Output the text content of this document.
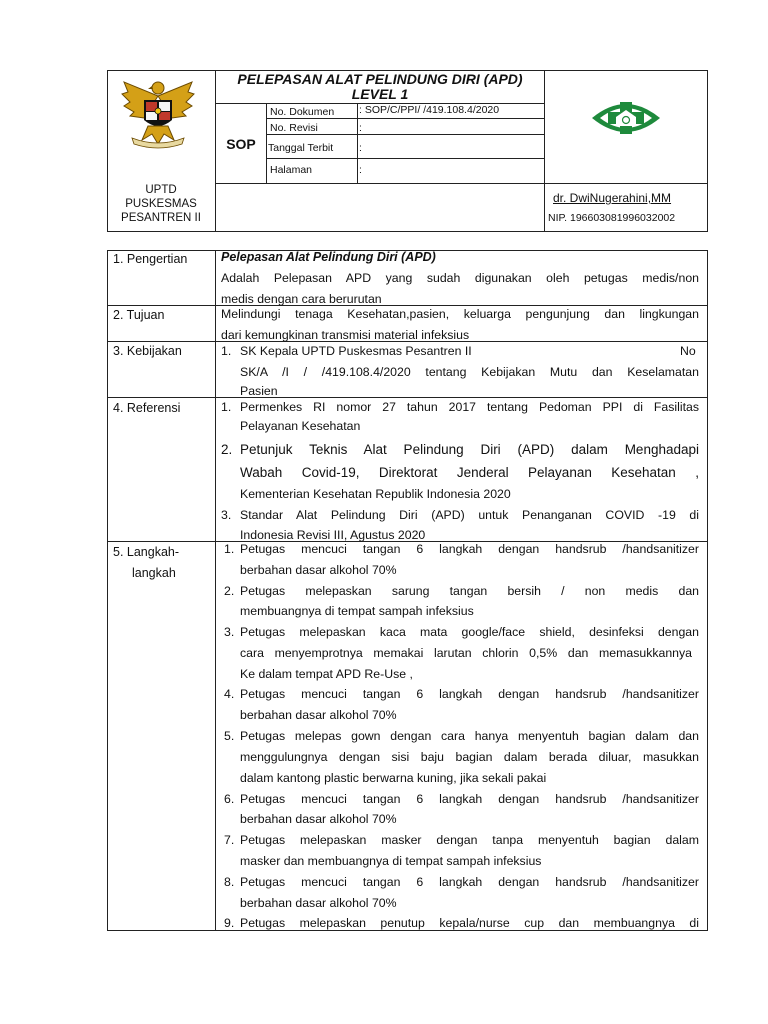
UPTD
PUSKESMAS
PESANTREN II
PELEPASAN ALAT PELINDUNG DIRI (APD)
LEVEL 1
SOP
No. Dokumen : SOP/C/PPI/ /419.108.4/2020
No. Revisi	:
Tanggal Terbit :
Halaman	:
dr. DwiNugerahini,MM
NIP. 196603081996032002
1. Pengertian	Pelepasan Alat Pelindung Diri (APD)
Adalah Pelepasan APD yang sudah digunakan oleh petugas medis/non
medis dengan cara berurutan
2. Tujuan	Melindungi tenaga Kesehatan,pasien, keluarga pengunjung dan lingkungan
dari kemungkinan transmisi material infeksius
3. Kebijakan	1. SK Kepala UPTD Puskesmas Pesantren II	No
SK/A /I / /419.108.4/2020 tentang Kebijakan Mutu dan Keselamatan
Pasien
4. Referensi	1. Permenkes RI nomor 27 tahun 2017 tentang Pedoman PPI di Fasilitas
Pelayanan Kesehatan
2. Petunjuk Teknis Alat Pelindung Diri (APD) dalam Menghadapi
Wabah Covid-19, Direktorat Jenderal Pelayanan Kesehatan ,
Kementerian Kesehatan Republik Indonesia 2020
3. Standar Alat Pelindung Diri (APD) untuk Penanganan COVID -19 di
Indonesia Revisi III, Agustus 2020
5. Langkah-
langkah
1. Petugas mencuci tangan 6 langkah dengan handsrub /handsanitizer
berbahan dasar alkohol 70%
2. Petugas melepaskan sarung tangan bersih / non medis dan
membuangnya di tempat sampah infeksius
3. Petugas melepaskan kaca mata google/face shield, desinfeksi dengan
cara menyemprotnya memakai larutan chlorin 0,5% dan memasukkannya
Ke dalam tempat APD Re-Use ,
4. Petugas mencuci tangan 6 langkah dengan handsrub /handsanitizer
berbahan dasar alkohol 70%
5. Petugas melepas gown dengan cara hanya menyentuh bagian dalam dan
menggulungnya dengan sisi baju bagian dalam berada diluar, masukkan
dalam kantong plastic berwarna kuning, jika sekali pakai
6. Petugas mencuci tangan 6 langkah dengan handsrub /handsanitizer
berbahan dasar alkohol 70%
7. Petugas melepaskan masker dengan tanpa menyentuh bagian dalam
masker dan membuangnya di tempat sampah infeksius
8. Petugas mencuci tangan 6 langkah dengan handsrub /handsanitizer
berbahan dasar alkohol 70%
9. Petugas melepaskan penutup kepala/nurse cup dan membuangnya di
